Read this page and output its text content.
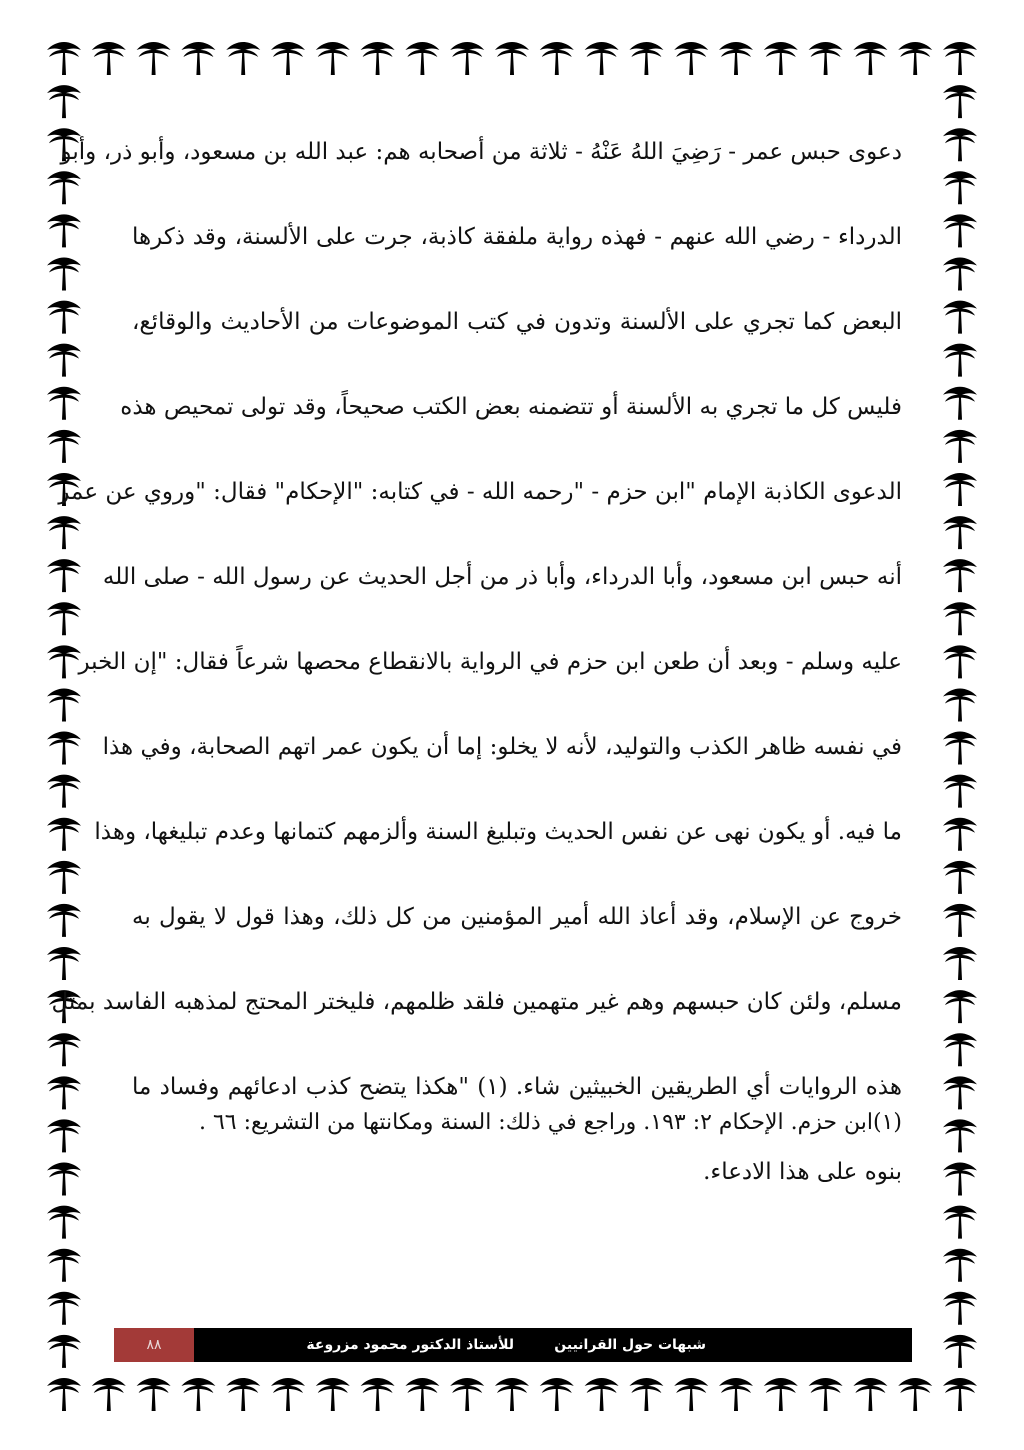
دعوى حبس عمر - رَضِيَ اللهُ عَنْهُ - ثلاثة من أصحابه هم: عبد الله بن مسعود، وأبو ذر، وأبو
الدرداء - رضي الله عنهم - فهذه رواية ملفقة كاذبة، جرت على الألسنة، وقد ذكرها
البعض كما تجري على الألسنة وتدون في كتب الموضوعات من الأحاديث والوقائع،
فليس كل ما تجري به الألسنة أو تتضمنه بعض الكتب صحيحاً، وقد تولى تمحيص هذه
الدعوى الكاذبة الإمام "ابن حزم - "رحمه الله - في كتابه: "الإحكام" فقال: "وروي عن عمر
أنه حبس ابن مسعود، وأبا الدرداء، وأبا ذر من أجل الحديث عن رسول الله - صلى الله
عليه وسلم - وبعد أن طعن ابن حزم في الرواية بالانقطاع محصها شرعاً فقال: "إن الخبر
في نفسه ظاهر الكذب والتوليد، لأنه لا يخلو: إما أن يكون عمر اتهم الصحابة، وفي هذا
ما فيه. أو يكون نهى عن نفس الحديث وتبليغ السنة وألزمهم كتمانها وعدم تبليغها، وهذا
خروج عن الإسلام، وقد أعاذ الله أمير المؤمنين من كل ذلك، وهذا قول لا يقول به
مسلم، ولئن كان حبسهم وهم غير متهمين فلقد ظلمهم، فليختر المحتج لمذهبه الفاسد بمثل
هذه الروايات أي الطريقين الخبيثين شاء. (١) "هكذا يتضح كذب ادعائهم وفساد ما
بنوه على هذا الادعاء.
(١)ابن حزم. الإحكام ٢: ١٩٣. وراجع في ذلك: السنة ومكانتها من التشريع: ٦٦ .
شبهات حول القرانيين
للأستاذ الدكتور محمود مزروعة
٨٨
